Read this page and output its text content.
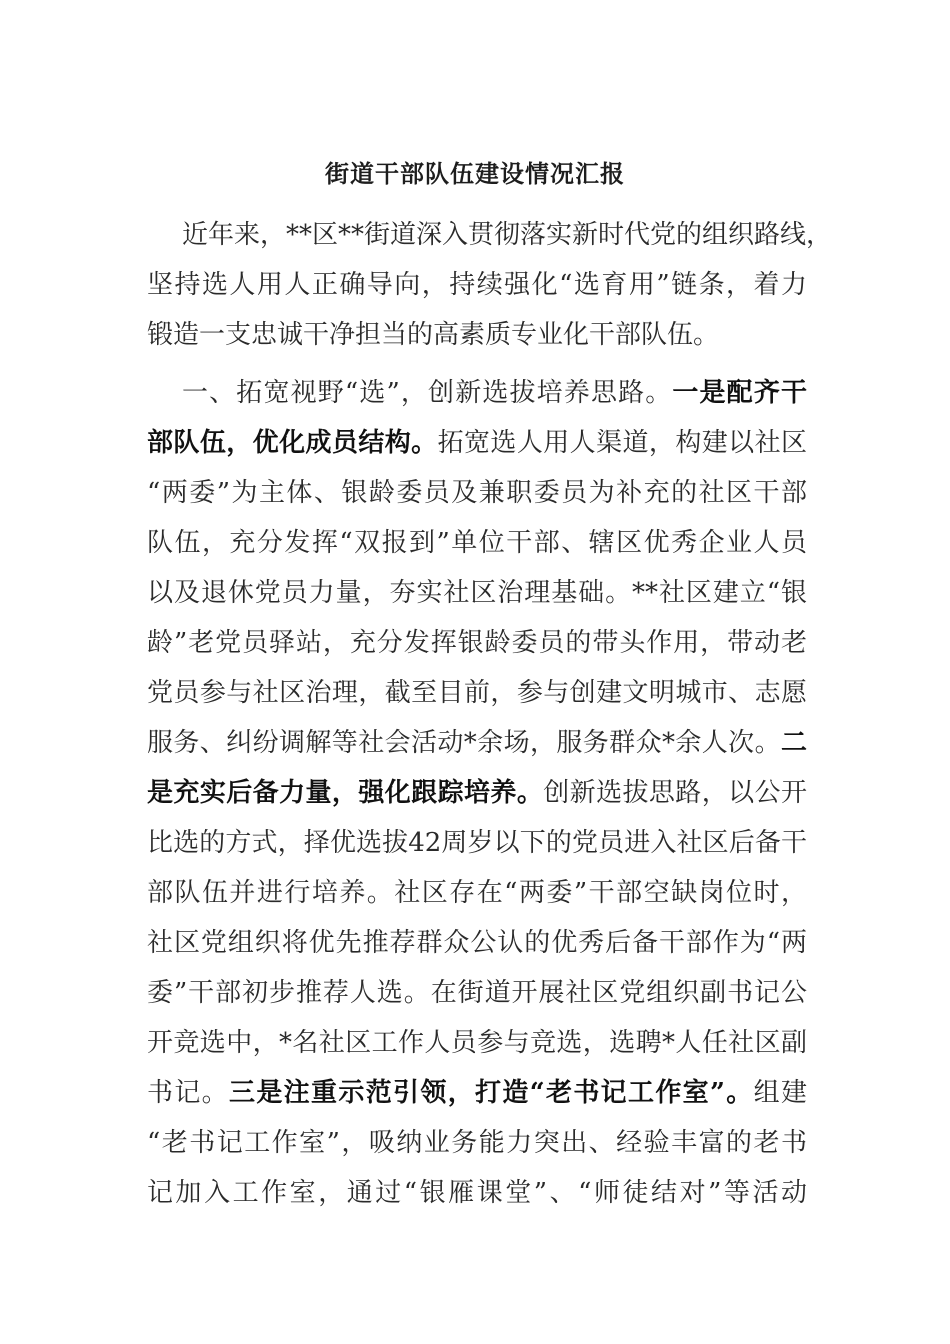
街道干部队伍建设情况汇报
近年来，**区**街道深入贯彻落实新时代党的组织路线，
坚持选人用人正确导向，持续强化“选育用”链条，着力
锻造一支忠诚干净担当的高素质专业化干部队伍。
一、拓宽视野“选”，创新选拔培养思路。一是配齐干
部队伍，优化成员结构。拓宽选人用人渠道，构建以社区
“两委”为主体、银龄委员及兼职委员为补充的社区干部
队伍，充分发挥“双报到”单位干部、辖区优秀企业人员
以及退休党员力量，夯实社区治理基础。**社区建立“银
龄”老党员驿站，充分发挥银龄委员的带头作用，带动老
党员参与社区治理，截至目前，参与创建文明城市、志愿
服务、纠纷调解等社会活动*余场，服务群众*余人次。二
是充实后备力量，强化跟踪培养。创新选拔思路，以公开
比选的方式，择优选拔42周岁以下的党员进入社区后备干
部队伍并进行培养。社区存在“两委”干部空缺岗位时，
社区党组织将优先推荐群众公认的优秀后备干部作为“两
委”干部初步推荐人选。在街道开展社区党组织副书记公
开竞选中，*名社区工作人员参与竞选，选聘*人任社区副
书记。三是注重示范引领，打造“老书记工作室”。组建
“老书记工作室”，吸纳业务能力突出、经验丰富的老书
记加入工作室，通过“银雁课堂”、“师徒结对”等活动
